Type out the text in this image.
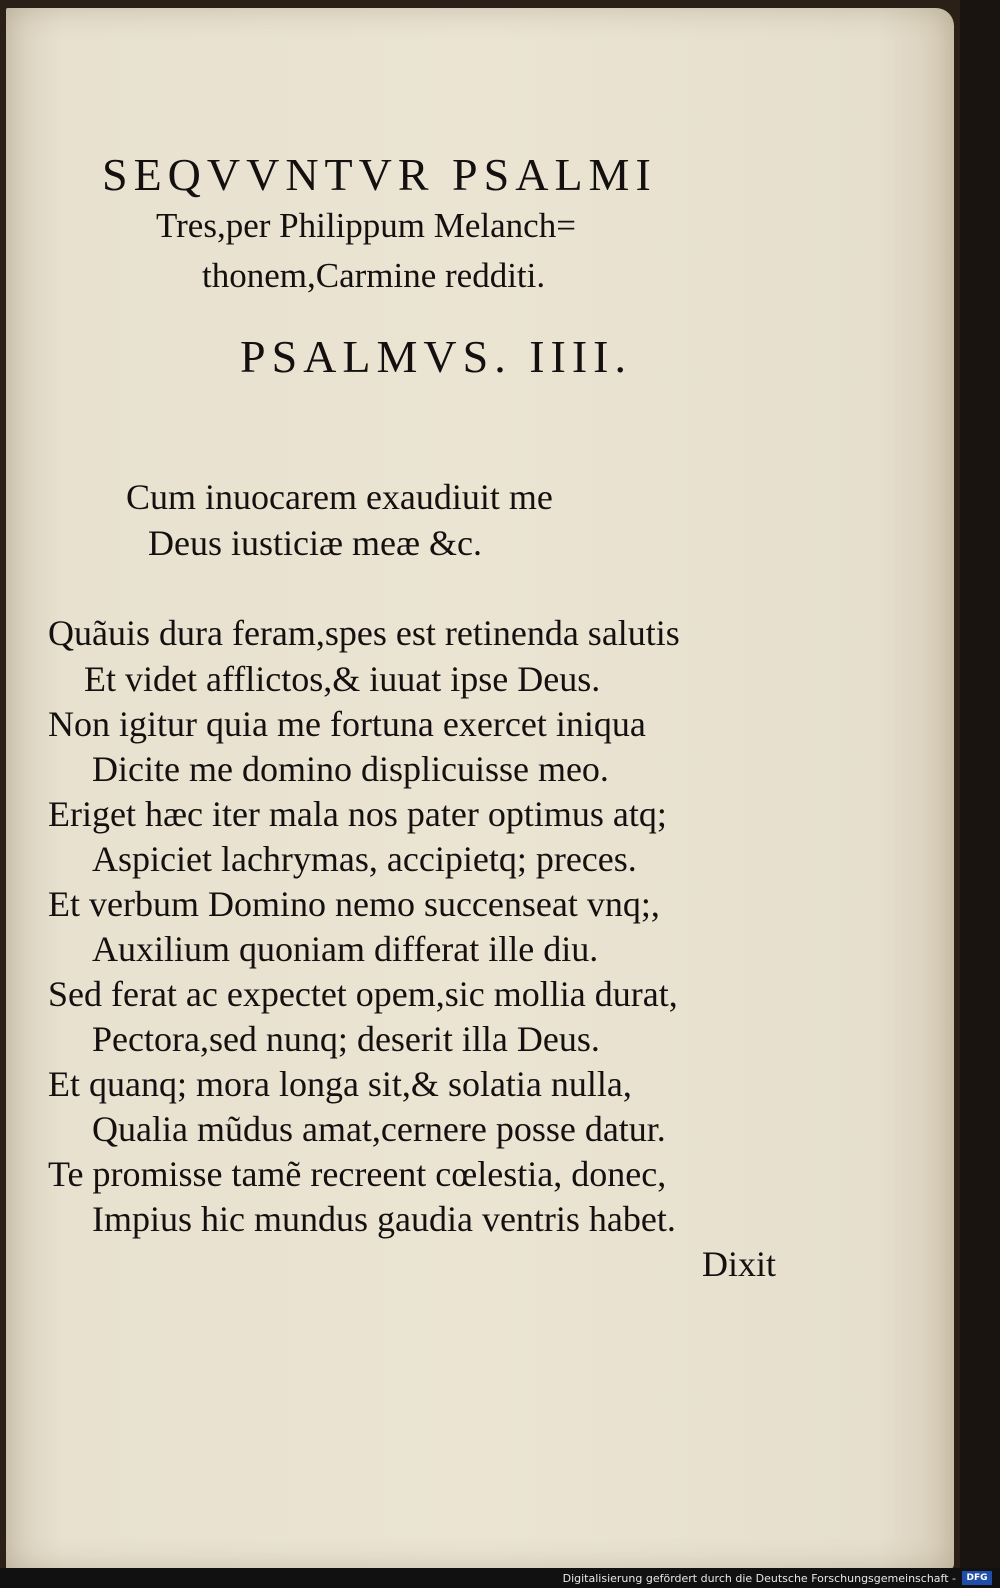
SEQVVNTVR PSALMI
Tres,per Philippum Melanch=
thonem,Carmine redditi.
PSALMVS. IIII.
Cum inuocarem exaudiuit me
Deus iusticiæ meæ &c.
Quãuis dura feram,spes est retinenda salutis
Et videt afflictos,& iuuat ipse Deus.
Non igitur quia me fortuna exercet iniqua
Dicite me domino displicuisse meo.
Eriget hæc iter mala nos pater optimus atq;
Aspiciet lachrymas, accipietq; preces.
Et verbum Domino nemo succenseat vnq;,
Auxilium quoniam differat ille diu.
Sed ferat ac expectet opem,sic mollia durat,
Pectora,sed nunq; deserit illa Deus.
Et quanq; mora longa sit,& solatia nulla,
Qualia mũdus amat,cernere posse datur.
Te promisse tamẽ recreent cœlestia, donec,
Impius hic mundus gaudia ventris habet.
Dixit
Digitalisierung gefördert durch die Deutsche Forschungsgemeinschaft -	DFG
